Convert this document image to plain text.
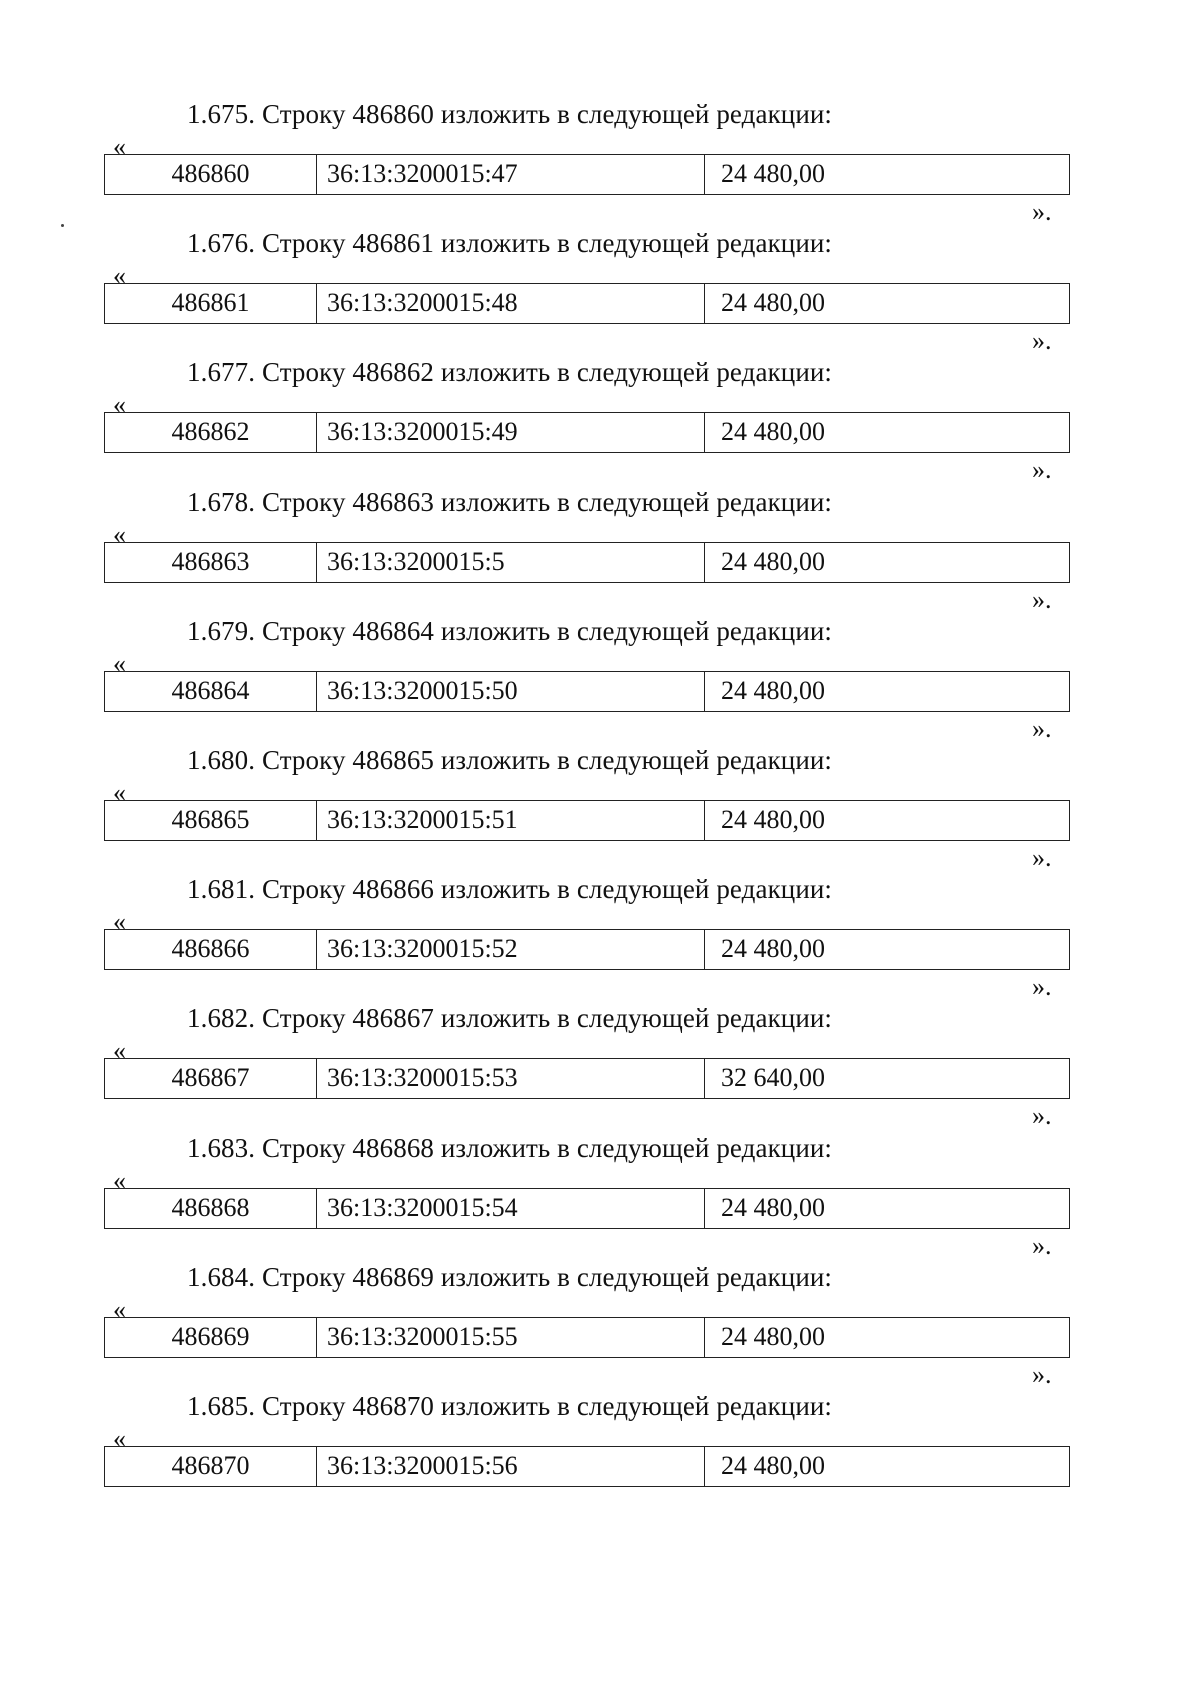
1.675. Строку 486860 изложить в следующей редакции:
«
486860	36:13:3200015:47	24 480,00
».
1.676. Строку 486861 изложить в следующей редакции:
«
486861	36:13:3200015:48	24 480,00
».
1.677. Строку 486862 изложить в следующей редакции:
«
486862	36:13:3200015:49	24 480,00
».
1.678. Строку 486863 изложить в следующей редакции:
«
486863	36:13:3200015:5	24 480,00
».
1.679. Строку 486864 изложить в следующей редакции:
«
486864	36:13:3200015:50	24 480,00
».
1.680. Строку 486865 изложить в следующей редакции:
«
486865	36:13:3200015:51	24 480,00
».
1.681. Строку 486866 изложить в следующей редакции:
«
486866	36:13:3200015:52	24 480,00
».
1.682. Строку 486867 изложить в следующей редакции:
«
486867	36:13:3200015:53	32 640,00
».
1.683. Строку 486868 изложить в следующей редакции:
«
486868	36:13:3200015:54	24 480,00
».
1.684. Строку 486869 изложить в следующей редакции:
«
486869	36:13:3200015:55	24 480,00
».
1.685. Строку 486870 изложить в следующей редакции:
«
486870	36:13:3200015:56	24 480,00
